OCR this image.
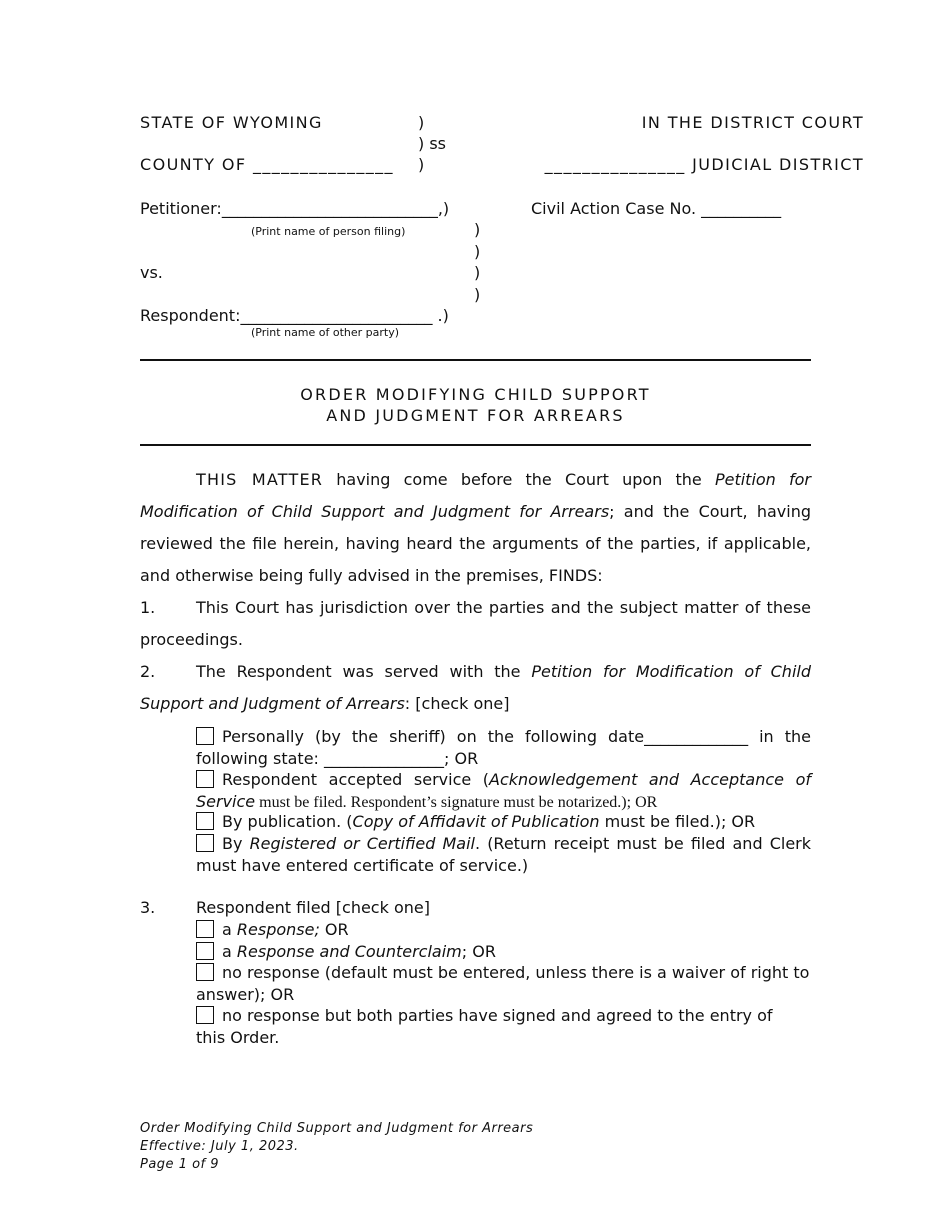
STATE OF WYOMING	)
) ss
COUNTY OF _______________ )
IN THE DISTRICT COURT
_______________ JUDICIAL DISTRICT
Petitioner:___________________________,)
(Print name of person filing)	)
)
vs.	)
)
Respondent:________________________ .)
(Print name of other party)
Civil Action Case No. __________
ORDER MODIFYING CHILD SUPPORT
AND JUDGMENT FOR ARREARS
THIS MATTER having come before the Court upon the Petition for Modification of Child Support and Judgment for Arrears; and the Court, having reviewed the file herein, having heard the arguments of the parties, if applicable, and otherwise being fully advised in the premises, FINDS:
1.	This Court has jurisdiction over the parties and the subject matter of these proceedings.
2.	The Respondent was served with the Petition for Modification of Child Support and Judgment of Arrears: [check one]
Personally (by the sheriff) on the following date_____________ in the following state: _______________; OR
Respondent accepted service (Acknowledgement and Acceptance of Service must be filed. Respondent’s signature must be notarized.); OR
By publication. (Copy of Affidavit of Publication must be filed.); OR
By Registered or Certified Mail. (Return receipt must be filed and Clerk must have entered certificate of service.)
3.	Respondent filed [check one]
a Response; OR
a Response and Counterclaim; OR
no response (default must be entered, unless there is a waiver of right to answer); OR
no response but both parties have signed and agreed to the entry of this Order.
Order Modifying Child Support and Judgment for Arrears
Effective: July 1, 2023.
Page 1 of 9
